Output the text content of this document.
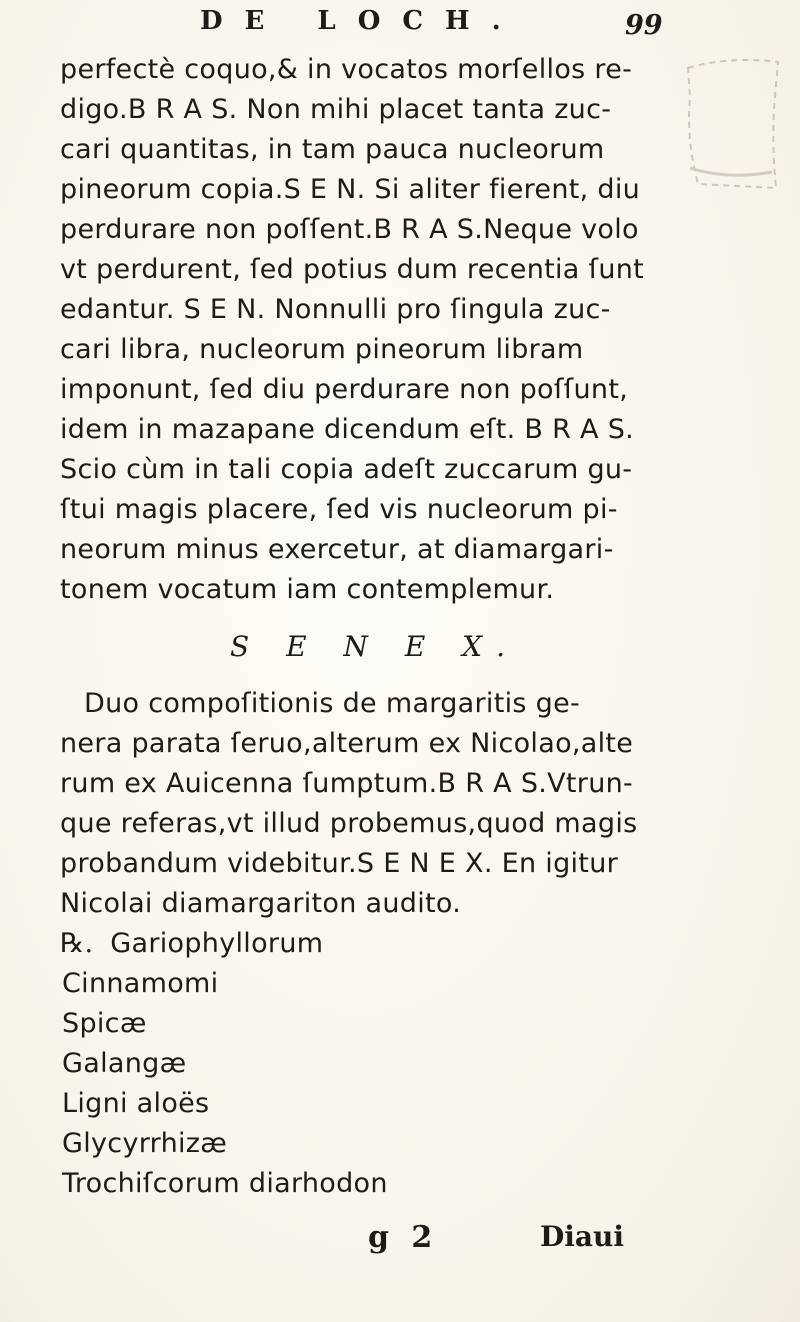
DE LOCH.	99
perfectè coquo,& in vocatos morſellos re-
digo.B R A S. Non mihi placet tanta zuc-
cari quantitas, in tam pauca nucleorum
pineorum copia.S E N. Si aliter fierent, diu
perdurare non poſſent.B R A S.Neque volo
vt perdurent, ſed potius dum recentia ſunt
edantur. S E N. Nonnulli pro ſingula zuc-
cari libra, nucleorum pineorum libram
imponunt, ſed diu perdurare non poſſunt,
idem in mazapane dicendum eſt. B R A S.
Scio cùm in tali copia adeſt zuccarum gu-
ſtui magis placere, ſed vis nucleorum pi-
neorum minus exercetur, at diamargari-
tonem vocatum iam contemplemur.
S E N E X.
Duo compoſitionis de margaritis ge-
nera parata ſeruo,alterum ex Nicolao,alte
rum ex Auicenna ſumptum.B R A S.Vtrun-
que referas,vt illud probemus,quod magis
probandum videbitur.S E N E X. En igitur
Nicolai diamargariton audito.
℞. Gariophyllorum
Cinnamomi
Spicæ
Galangæ
Ligni aloës
Glycyrrhizæ
Trochiſcorum diarhodon
g 2	Diaui
